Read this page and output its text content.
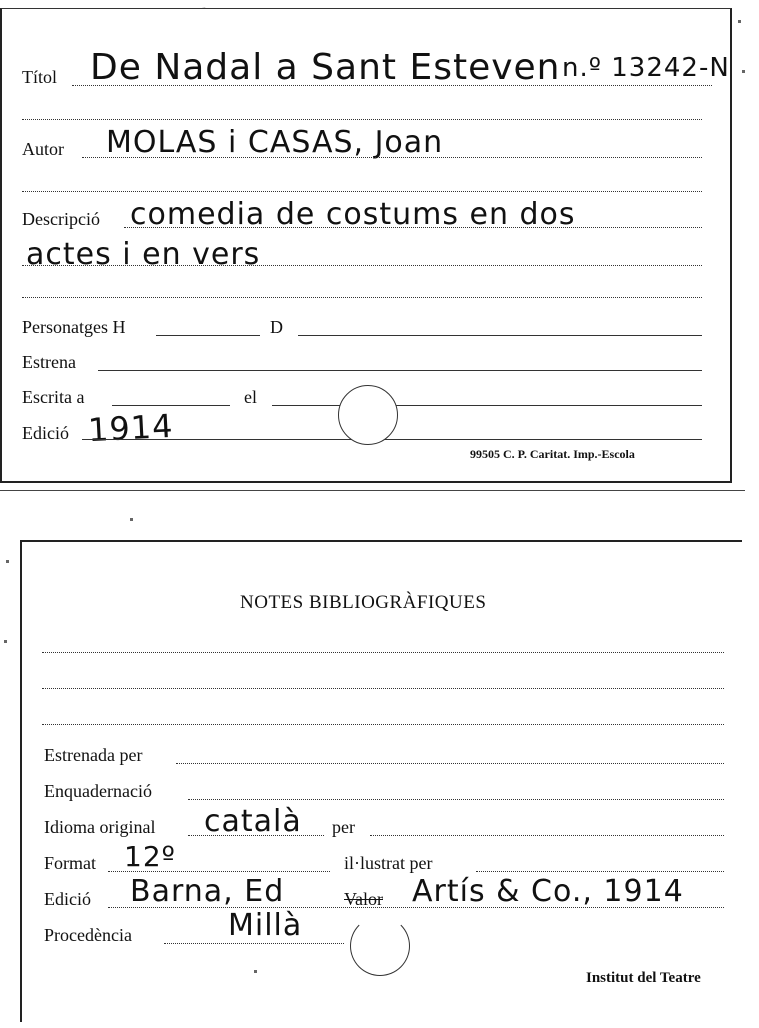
Títol De Nadal a Sant Esteven n.º 13242-N
Autor MOLAS i CASAS, Joan
Descripció comedia de costums en dos
actes i en vers
Personatges H	D
Estrena
Escrita a	el
Edició 1914
99505 C. P. Caritat. Imp.-Escola
NOTES BIBLIOGRÀFIQUES
Estrenada per
Enquadernació
Idioma original català per
Format 12º	il·lustrat per
Edició Barna, Ed	Valor Artís & Co., 1914
Procedència	Millà
Institut del Teatre
